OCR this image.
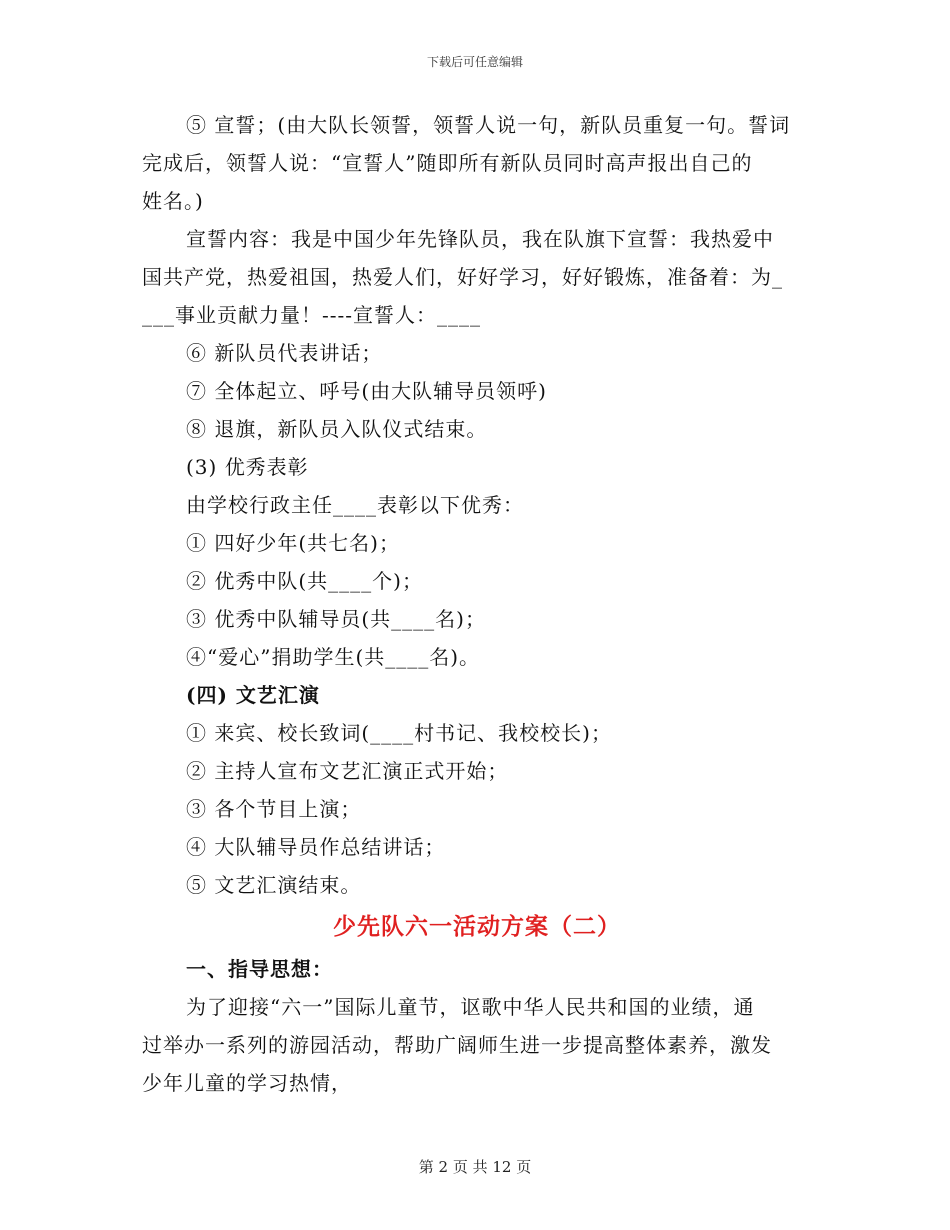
下载后可任意编辑
⑤ 宣誓；(由大队长领誓，领誓人说一句，新队员重复一句。誓词
完成后，领誓人说：“宣誓人”随即所有新队员同时高声报出自己的
姓名。)
宣誓内容：我是中国少年先锋队员，我在队旗下宣誓：我热爱中
国共产党，热爱祖国，热爱人们，好好学习，好好锻炼，准备着：为_
___事业贡献力量！----宣誓人：____
⑥ 新队员代表讲话；
⑦ 全体起立、呼号(由大队辅导员领呼)
⑧ 退旗，新队员入队仪式结束。
(3) 优秀表彰
由学校行政主任____表彰以下优秀：
① 四好少年(共七名)；
② 优秀中队(共____个)；
③ 优秀中队辅导员(共____名)；
④“爱心”捐助学生(共____名)。
(四) 文艺汇演
① 来宾、校长致词(____村书记、我校校长)；
② 主持人宣布文艺汇演正式开始；
③ 各个节目上演；
④ 大队辅导员作总结讲话；
⑤ 文艺汇演结束。
少先队六一活动方案（二）
一、指导思想：
为了迎接“六一”国际儿童节，讴歌中华人民共和国的业绩，通
过举办一系列的游园活动，帮助广阔师生进一步提高整体素养，激发
少年儿童的学习热情，
第 2 页 共 12 页
